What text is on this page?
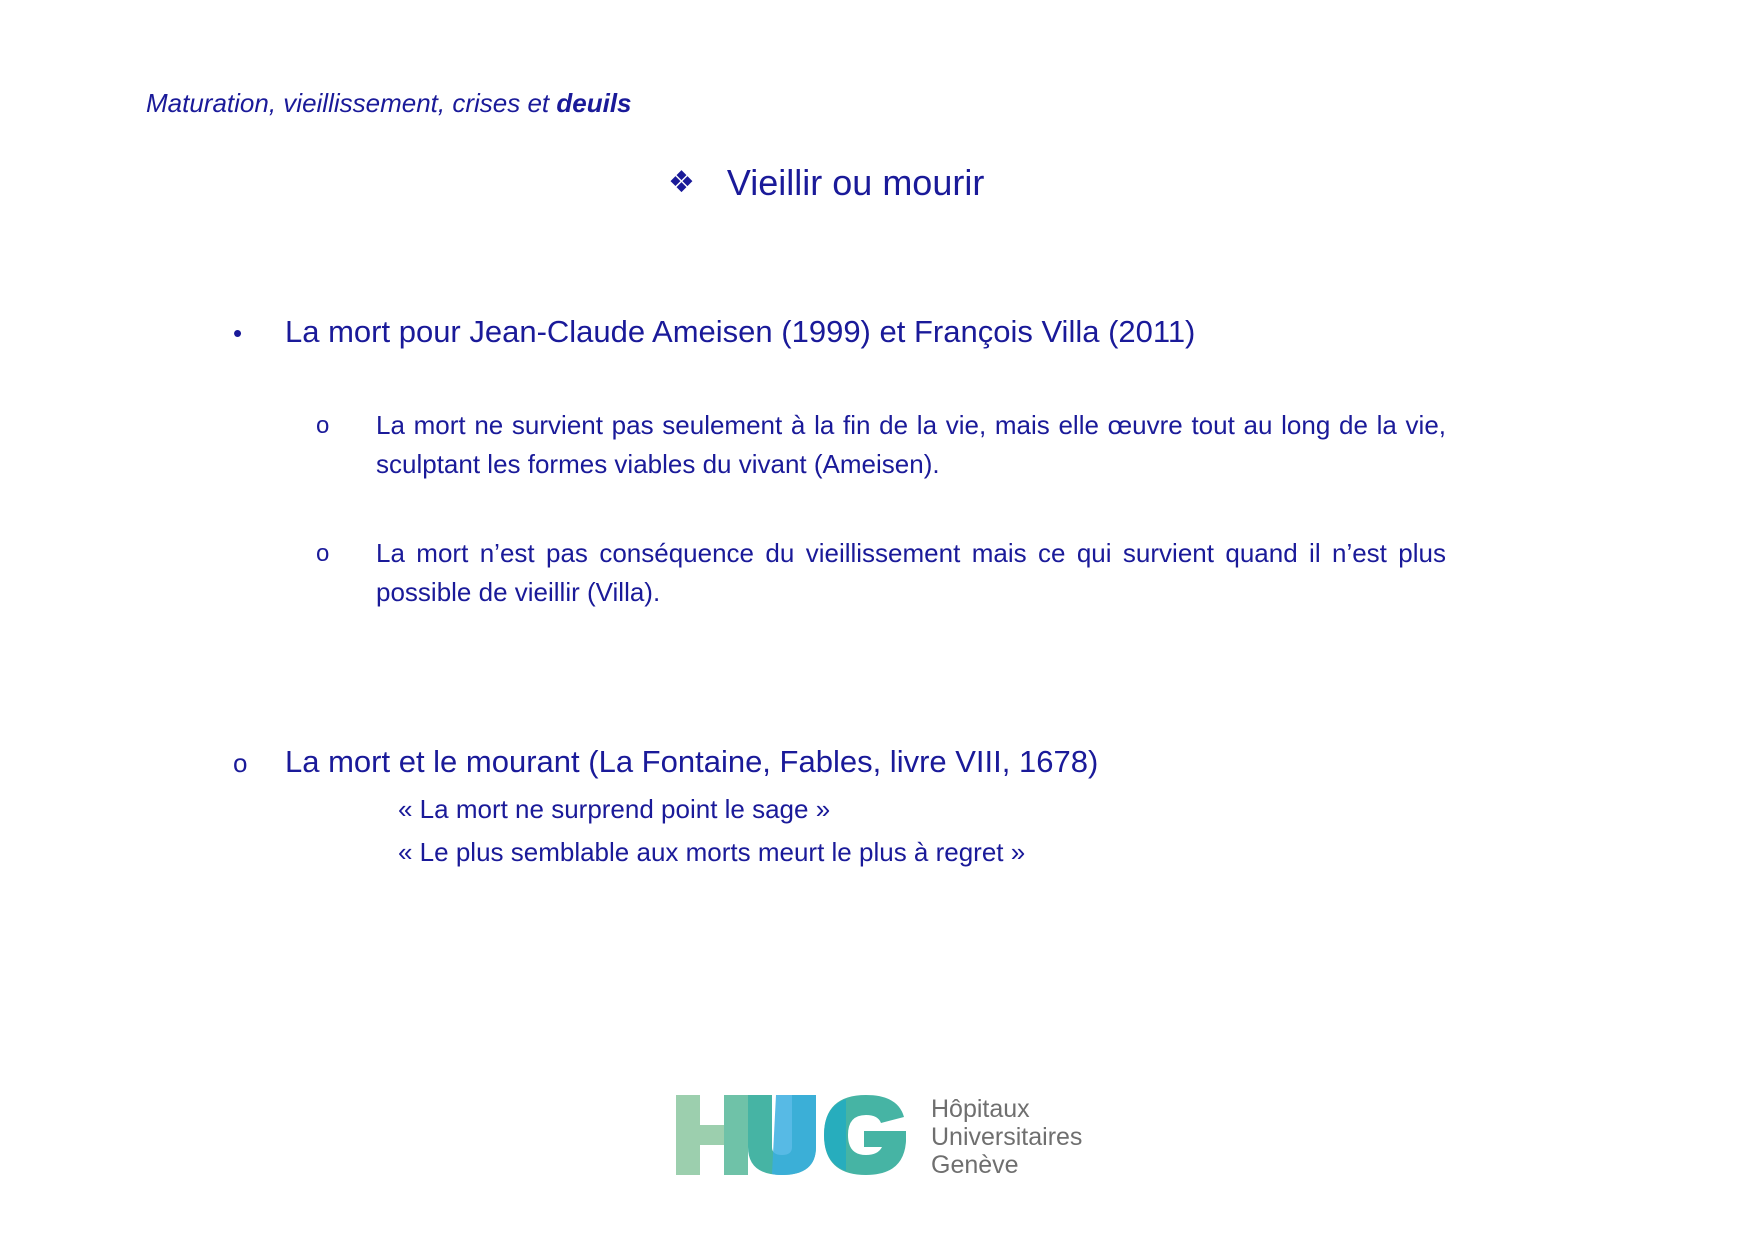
Maturation, vieillissement, crises et deuils
❖ Vieillir ou mourir
•	La mort pour Jean-Claude Ameisen (1999) et François Villa (2011)
o	La mort ne survient pas seulement à la fin de la vie, mais elle œuvre tout au long de la vie, sculptant les formes viables du vivant (Ameisen).
o	La mort n’est pas conséquence du vieillissement mais ce qui survient quand il n’est plus possible de vieillir (Villa).
o	La mort et le mourant (La Fontaine, Fables, livre VIII, 1678)
« La mort ne surprend point le sage »
« Le plus semblable aux morts meurt le plus à regret »
Hôpitaux
Universitaires
Genève
